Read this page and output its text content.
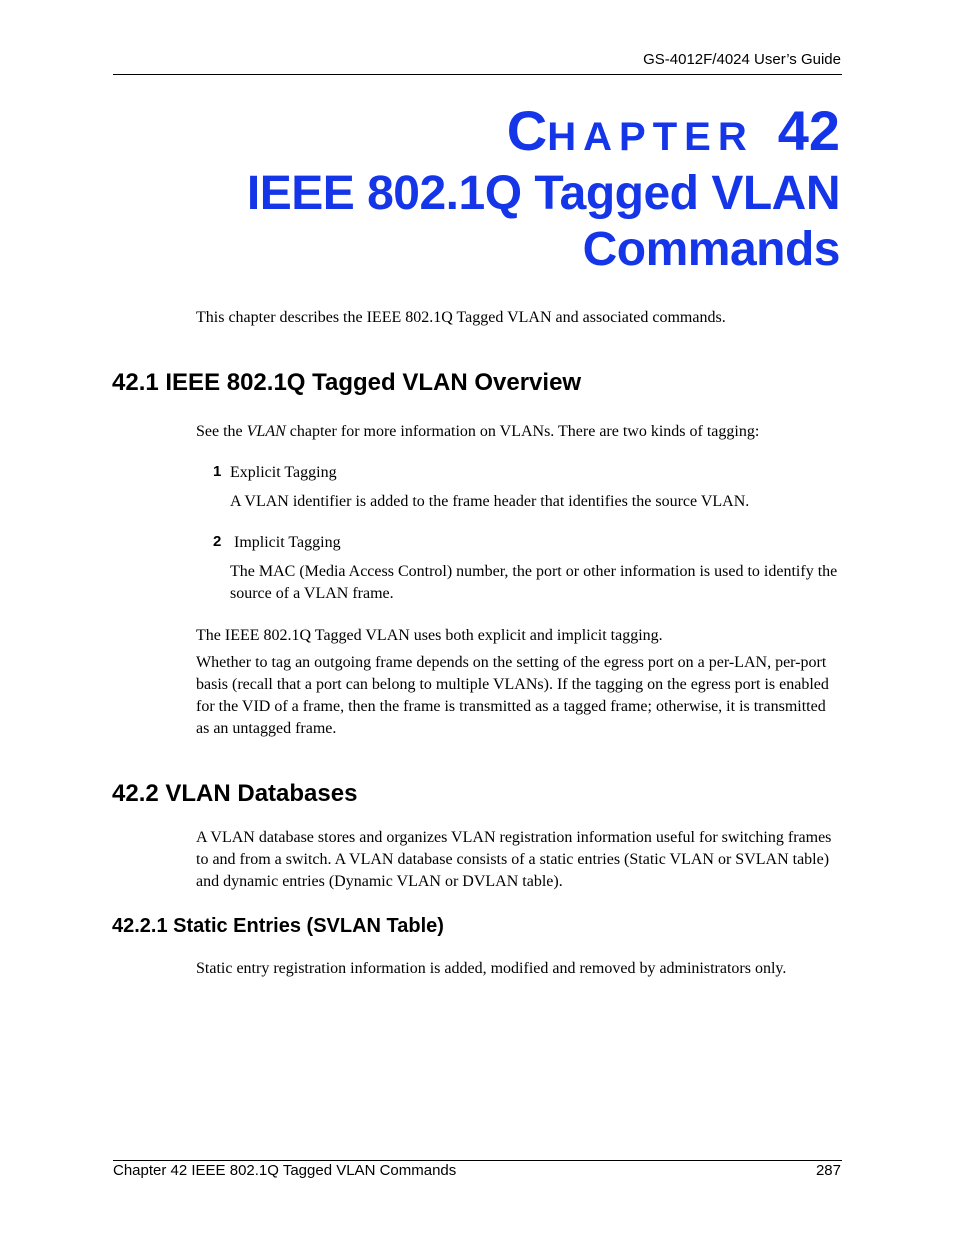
GS-4012F/4024 User’s Guide
CHAPTER 42
IEEE 802.1Q Tagged VLAN
Commands
This chapter describes the IEEE 802.1Q Tagged VLAN and associated commands.
42.1 IEEE 802.1Q Tagged VLAN Overview
See the VLAN chapter for more information on VLANs. There are two kinds of tagging:
1 Explicit Tagging
A VLAN identifier is added to the frame header that identifies the source VLAN.
2 Implicit Tagging
The MAC (Media Access Control) number, the port or other information is used to identify the source of a VLAN frame.
The IEEE 802.1Q Tagged VLAN uses both explicit and implicit tagging.
Whether to tag an outgoing frame depends on the setting of the egress port on a per-LAN, per-port basis (recall that a port can belong to multiple VLANs). If the tagging on the egress port is enabled for the VID of a frame, then the frame is transmitted as a tagged frame; otherwise, it is transmitted as an untagged frame.
42.2 VLAN Databases
A VLAN database stores and organizes VLAN registration information useful for switching frames to and from a switch. A VLAN database consists of a static entries (Static VLAN or SVLAN table) and dynamic entries (Dynamic VLAN or DVLAN table).
42.2.1 Static Entries (SVLAN Table)
Static entry registration information is added, modified and removed by administrators only.
Chapter 42 IEEE 802.1Q Tagged VLAN Commands	287
